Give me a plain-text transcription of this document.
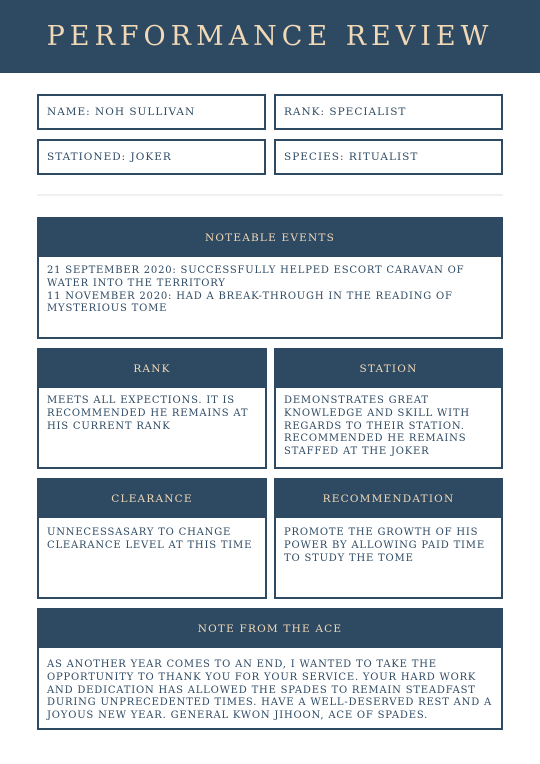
PERFORMANCE REVIEW
NAME: NOH SULLIVAN	RANK: SPECIALIST
STATIONED: JOKER	SPECIES: RITUALIST
NOTEABLE EVENTS

21 SEPTEMBER 2020: SUCCESSFULLY HELPED ESCORT CARAVAN OF WATER INTO THE TERRITORY

11 NOVEMBER 2020: HAD A BREAK-THROUGH IN THE READING OF MYSTERIOUS TOME

RANK
MEETS ALL EXPECTIONS. IT IS RECOMMENDED HE REMAINS AT HIS CURRENT RANK
STATION
DEMONSTRATES GREAT KNOWLEDGE AND SKILL WITH REGARDS TO THEIR STATION. RECOMMENDED HE REMAINS STAFFED AT THE JOKER
CLEARANCE
UNNECESSASARY TO CHANGE CLEARANCE LEVEL AT THIS TIME
RECOMMENDATION
PROMOTE THE GROWTH OF HIS POWER BY ALLOWING PAID TIME TO STUDY THE TOME
NOTE FROM THE ACE
AS ANOTHER YEAR COMES TO AN END, I WANTED TO TAKE THE OPPORTUNITY TO THANK YOU FOR YOUR SERVICE. YOUR HARD WORK AND DEDICATION HAS ALLOWED THE SPADES TO REMAIN STEADFAST DURING UNPRECEDENTED TIMES. HAVE A WELL-DESERVED REST AND A JOYOUS NEW YEAR. GENERAL KWON JIHOON, ACE OF SPADES.
